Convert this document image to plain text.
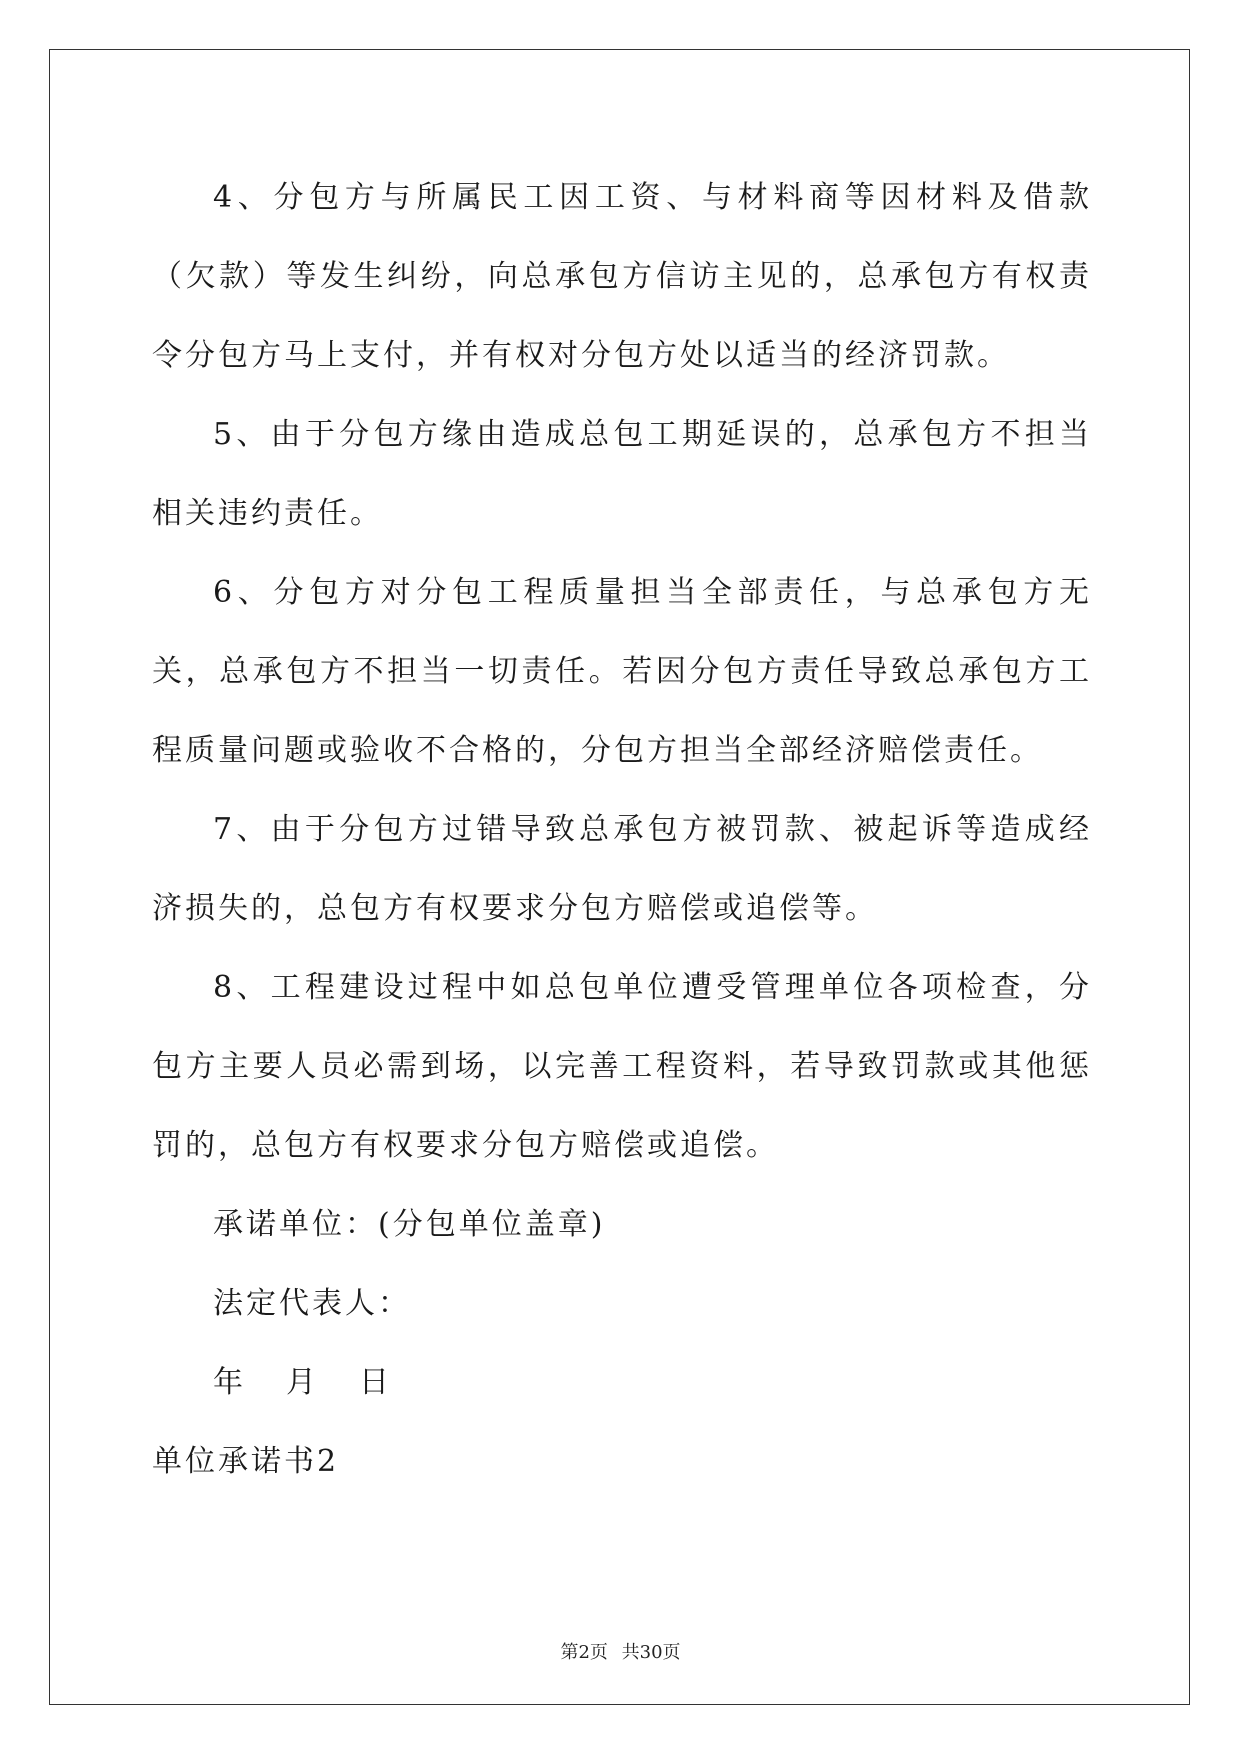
4、分包方与所属民工因工资、与材料商等因材料及借款（欠款）等发生纠纷，向总承包方信访主见的，总承包方有权责令分包方马上支付，并有权对分包方处以适当的经济罚款。

5、由于分包方缘由造成总包工期延误的，总承包方不担当相关违约责任。

6、分包方对分包工程质量担当全部责任，与总承包方无关，总承包方不担当一切责任。若因分包方责任导致总承包方工程质量问题或验收不合格的，分包方担当全部经济赔偿责任。

7、由于分包方过错导致总承包方被罚款、被起诉等造成经济损失的，总包方有权要求分包方赔偿或追偿等。

8、工程建设过程中如总包单位遭受管理单位各项检查，分包方主要人员必需到场，以完善工程资料，若导致罚款或其他惩罚的，总包方有权要求分包方赔偿或追偿。

承诺单位：(分包单位盖章)

法定代表人：

年 月 日

单位承诺书2

第2页 共30页
